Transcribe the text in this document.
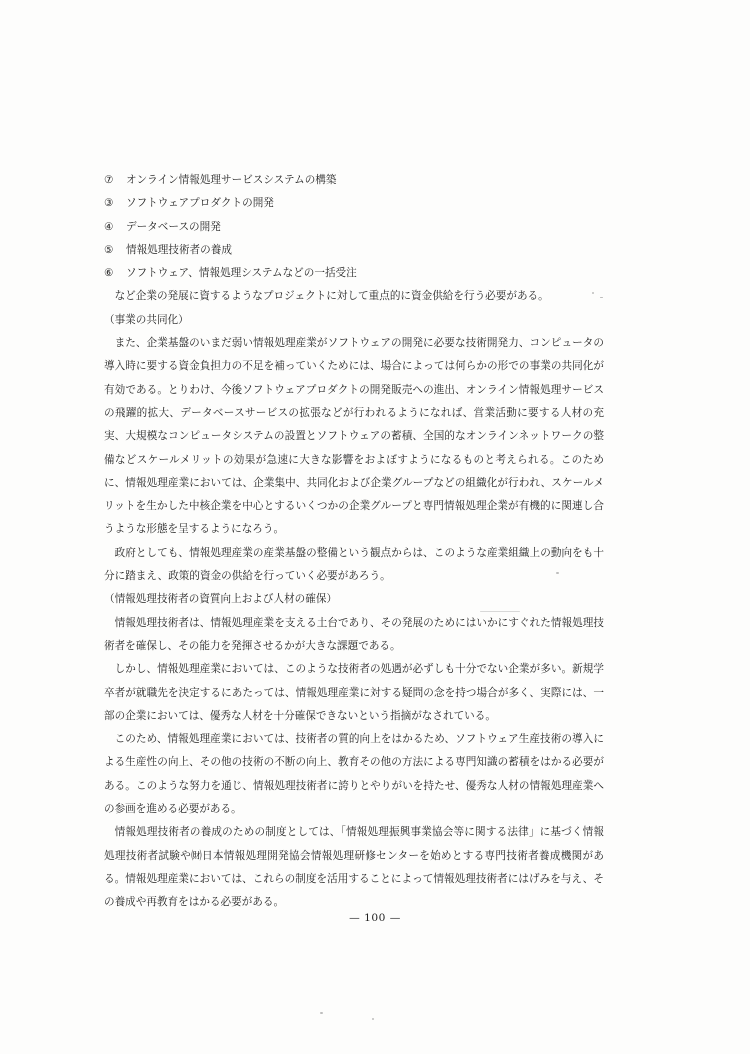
⑦	オンライン情報処理サービスシステムの構築
③	ソフトウェアプロダクトの開発
④	データベースの開発
⑤	情報処理技術者の養成
⑥	ソフトウェア、情報処理システムなどの一括受注

など企業の発展に資するようなプロジェクトに対して重点的に資金供給を行う必要がある。

（事業の共同化）

また、企業基盤のいまだ弱い情報処理産業がソフトウェアの開発に必要な技術開発力、コンピュータの導入時に要する資金負担力の不足を補っていくためには、場合によっては何らかの形での事業の共同化が有効である。とりわけ、今後ソフトウェアプロダクトの開発販売への進出、オンライン情報処理サービスの飛躍的拡大、データベースサービスの拡張などが行われるようになれば、営業活動に要する人材の充実、大規模なコンピュータシステムの設置とソフトウェアの蓄積、全国的なオンラインネットワークの整備などスケールメリットの効果が急速に大きな影響をおよぼすようになるものと考えられる。このために、情報処理産業においては、企業集中、共同化および企業グループなどの組織化が行われ、スケールメリットを生かした中核企業を中心とするいくつかの企業グループと専門情報処理企業が有機的に関連し合うような形態を呈するようになろう。

政府としても、情報処理産業の産業基盤の整備という観点からは、このような産業組織上の動向をも十分に踏まえ、政策的資金の供給を行っていく必要があろう。

（情報処理技術者の資質向上および人材の確保）

情報処理技術者は、情報処理産業を支える土台であり、その発展のためにはいかにすぐれた情報処理技術者を確保し、その能力を発揮させるかが大きな課題である。

しかし、情報処理産業においては、このような技術者の処遇が必ずしも十分でない企業が多い。新規学卒者が就職先を決定するにあたっては、情報処理産業に対する疑問の念を持つ場合が多く、実際には、一部の企業においては、優秀な人材を十分確保できないという指摘がなされている。

このため、情報処理産業においては、技術者の質的向上をはかるため、ソフトウェア生産技術の導入による生産性の向上、その他の技術の不断の向上、教育その他の方法による専門知識の蓄積をはかる必要がある。このような努力を通じ、情報処理技術者に誇りとやりがいを持たせ、優秀な人材の情報処理産業への参画を進める必要がある。

情報処理技術者の養成のための制度としては、「情報処理振興事業協会等に関する法律」に基づく情報処理技術者試験や㈶日本情報処理開発協会情報処理研修センターを始めとする専門技術者養成機関がある。情報処理産業においては、これらの制度を活用することによって情報処理技術者にはげみを与え、その養成や再教育をはかる必要がある。

— 100 —
